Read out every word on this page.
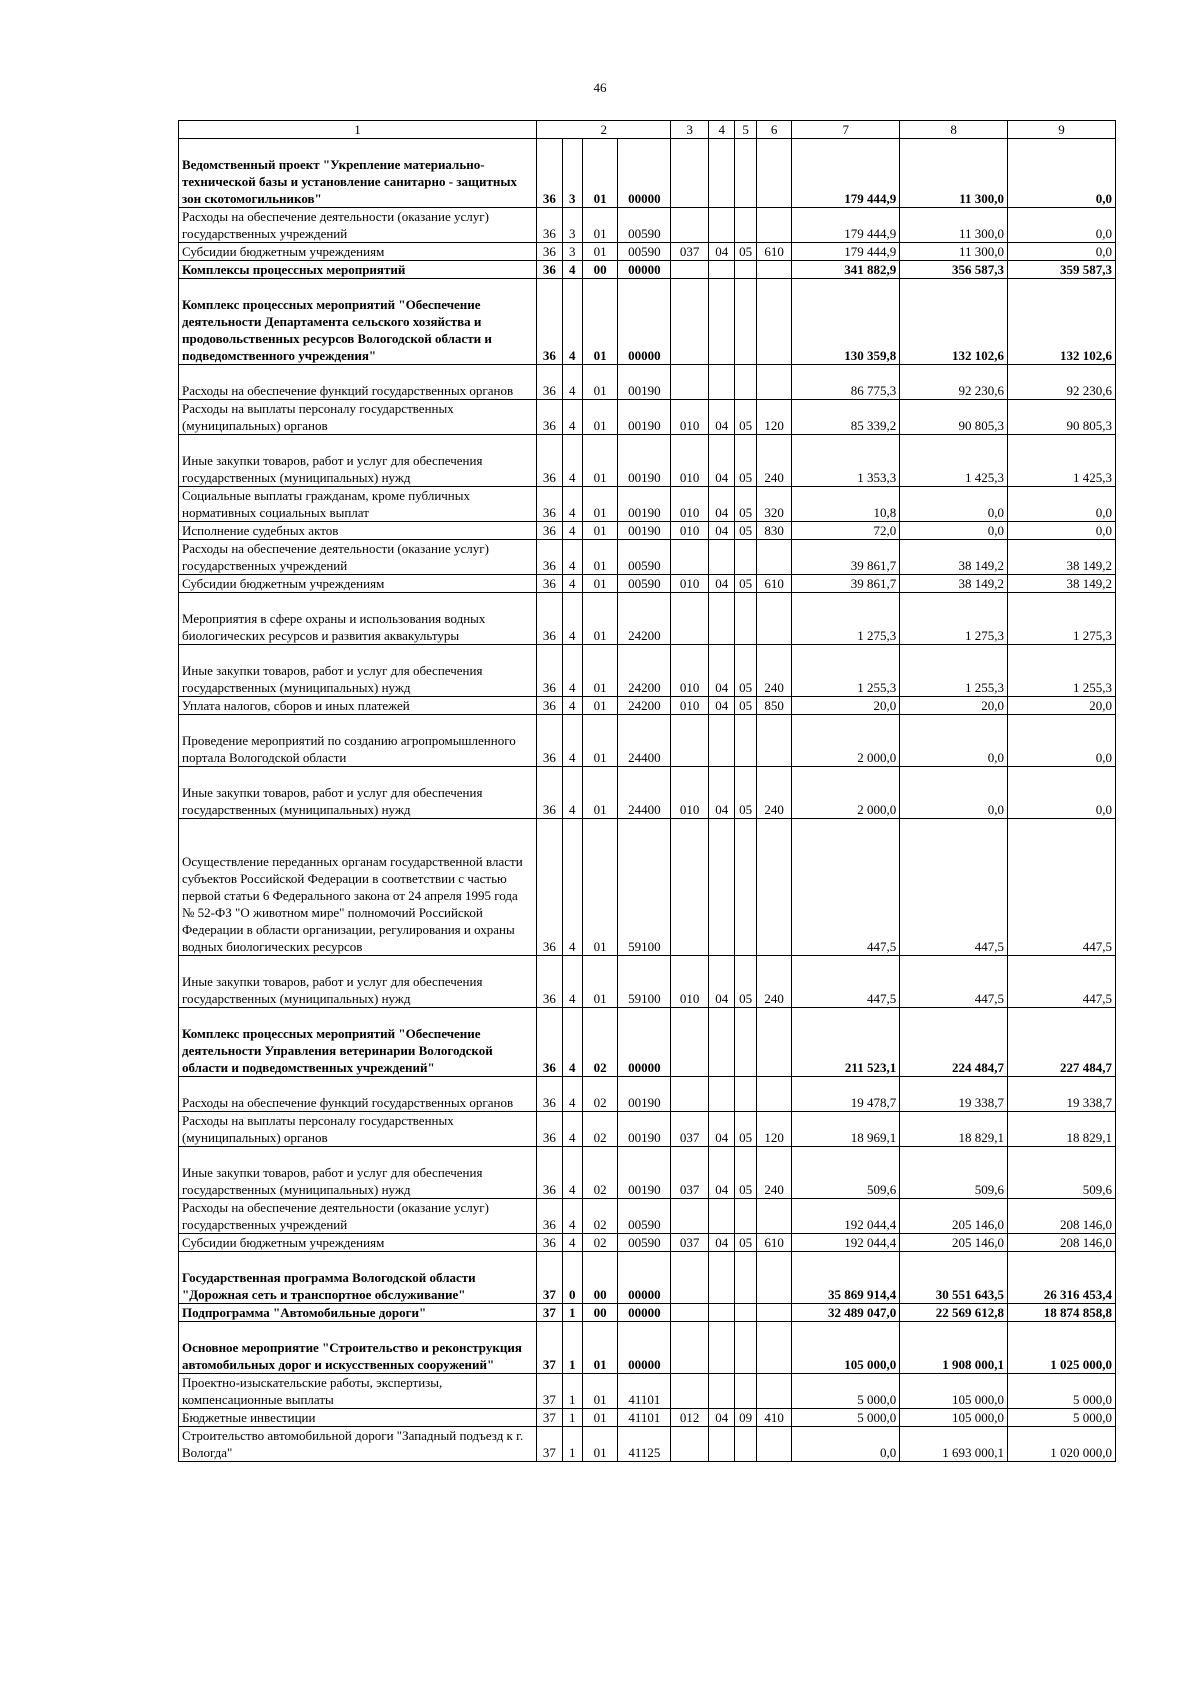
46
1	2				3	4	5	6	7	8	9
Ведомственный проект "Укрепление материально-технической базы и установление санитарно - защитных зон скотомогильников"	36	3	01	00000					179 444,9	11 300,0	0,0
Расходы на обеспечение деятельности (оказание услуг) государственных учреждений	36	3	01	00590					179 444,9	11 300,0	0,0
Субсидии бюджетным учреждениям	36	3	01	00590	037	04	05	610	179 444,9	11 300,0	0,0
Комплексы процессных мероприятий	36	4	00	00000					341 882,9	356 587,3	359 587,3
Комплекс процессных мероприятий "Обеспечение деятельности Департамента сельского хозяйства и продовольственных ресурсов Вологодской области и подведомственного учреждения"	36	4	01	00000					130 359,8	132 102,6	132 102,6
Расходы на обеспечение функций государственных органов	36	4	01	00190					86 775,3	92 230,6	92 230,6
Расходы на выплаты персоналу государственных (муниципальных) органов	36	4	01	00190	010	04	05	120	85 339,2	90 805,3	90 805,3
Иные закупки товаров, работ и услуг для обеспечения государственных (муниципальных) нужд	36	4	01	00190	010	04	05	240	1 353,3	1 425,3	1 425,3
Социальные выплаты гражданам, кроме публичных нормативных социальных выплат	36	4	01	00190	010	04	05	320	10,8	0,0	0,0
Исполнение судебных актов	36	4	01	00190	010	04	05	830	72,0	0,0	0,0
Расходы на обеспечение деятельности (оказание услуг) государственных учреждений	36	4	01	00590					39 861,7	38 149,2	38 149,2
Субсидии бюджетным учреждениям	36	4	01	00590	010	04	05	610	39 861,7	38 149,2	38 149,2
Мероприятия в сфере охраны и использования водных биологических ресурсов и развития аквакультуры	36	4	01	24200					1 275,3	1 275,3	1 275,3
Иные закупки товаров, работ и услуг для обеспечения государственных (муниципальных) нужд	36	4	01	24200	010	04	05	240	1 255,3	1 255,3	1 255,3
Уплата налогов, сборов и иных платежей	36	4	01	24200	010	04	05	850	20,0	20,0	20,0
Проведение мероприятий по созданию агропромышленного портала Вологодской области	36	4	01	24400					2 000,0	0,0	0,0
Иные закупки товаров, работ и услуг для обеспечения государственных (муниципальных) нужд	36	4	01	24400	010	04	05	240	2 000,0	0,0	0,0
Осуществление переданных органам государственной власти субъектов Российской Федерации в соответствии с частью первой статьи 6 Федерального закона от 24 апреля 1995 года № 52-ФЗ "О животном мире" полномочий Российской Федерации в области организации, регулирования и охраны водных биологических ресурсов	36	4	01	59100					447,5	447,5	447,5
Иные закупки товаров, работ и услуг для обеспечения государственных (муниципальных) нужд	36	4	01	59100	010	04	05	240	447,5	447,5	447,5
Комплекс процессных мероприятий "Обеспечение деятельности Управления ветеринарии Вологодской области и подведомственных учреждений"	36	4	02	00000					211 523,1	224 484,7	227 484,7
Расходы на обеспечение функций государственных органов	36	4	02	00190					19 478,7	19 338,7	19 338,7
Расходы на выплаты персоналу государственных (муниципальных) органов	36	4	02	00190	037	04	05	120	18 969,1	18 829,1	18 829,1
Иные закупки товаров, работ и услуг для обеспечения государственных (муниципальных) нужд	36	4	02	00190	037	04	05	240	509,6	509,6	509,6
Расходы на обеспечение деятельности (оказание услуг) государственных учреждений	36	4	02	00590					192 044,4	205 146,0	208 146,0
Субсидии бюджетным учреждениям	36	4	02	00590	037	04	05	610	192 044,4	205 146,0	208 146,0
Государственная программа Вологодской области "Дорожная сеть и транспортное обслуживание"	37	0	00	00000					35 869 914,4	30 551 643,5	26 316 453,4
Подпрограмма "Автомобильные дороги"	37	1	00	00000					32 489 047,0	22 569 612,8	18 874 858,8
Основное мероприятие "Строительство и реконструкция автомобильных дорог и искусственных сооружений"	37	1	01	00000					105 000,0	1 908 000,1	1 025 000,0
Проектно-изыскательские работы, экспертизы, компенсационные выплаты	37	1	01	41101					5 000,0	105 000,0	5 000,0
Бюджетные инвестиции	37	1	01	41101	012	04	09	410	5 000,0	105 000,0	5 000,0
Строительство автомобильной дороги "Западный подъезд к г. Вологда"	37	1	01	41125					0,0	1 693 000,1	1 020 000,0
